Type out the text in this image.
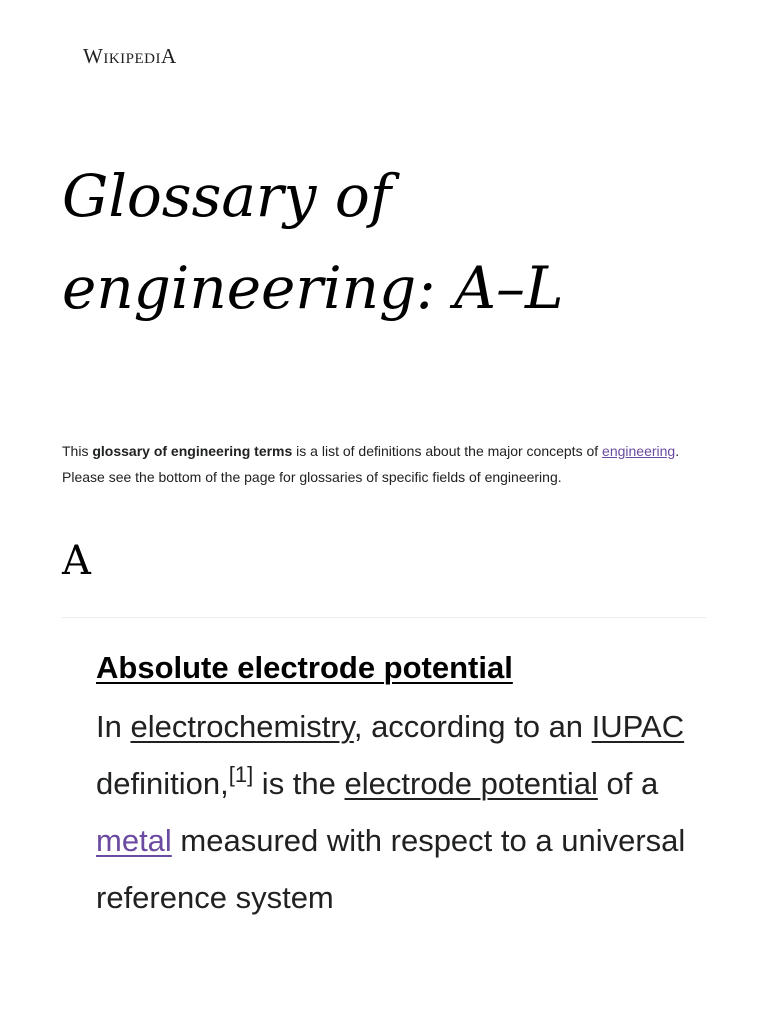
WIKIPEDIA
Glossary of engineering: A–L

This glossary of engineering terms is a list of definitions about the major concepts of engineering. Please see the bottom of the page for glossaries of specific fields of engineering.

A

Absolute electrode potential

In electrochemistry, according to an IUPAC definition,[1] is the electrode potential of a metal measured with respect to a universal reference system
